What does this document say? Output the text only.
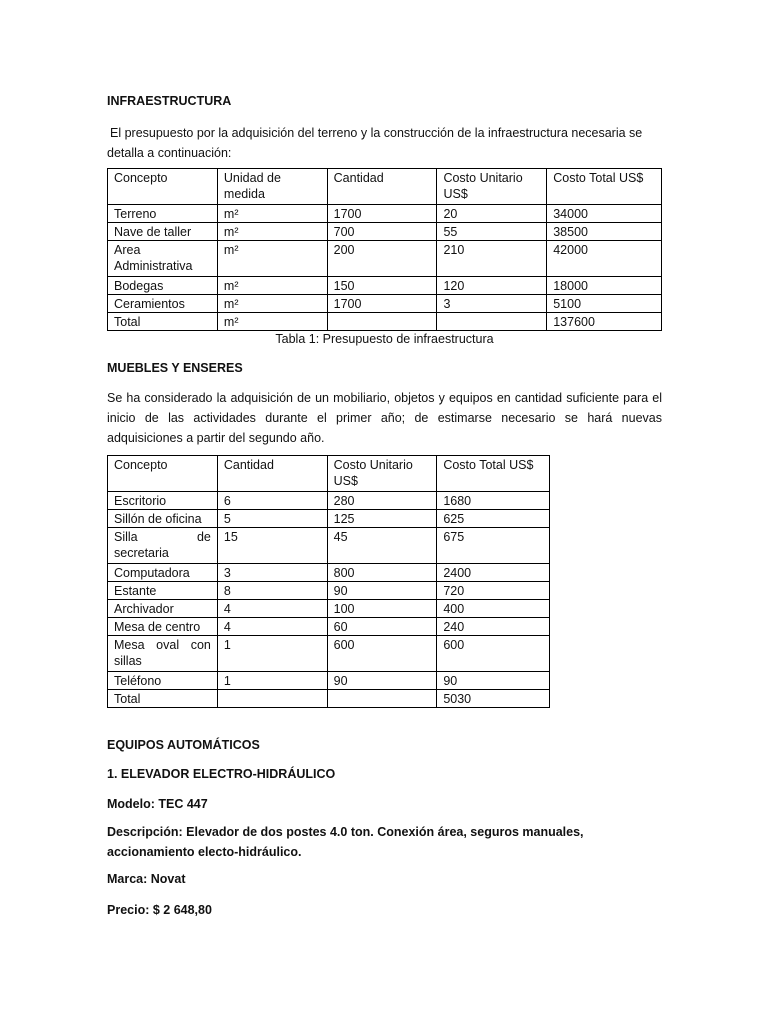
INFRAESTRUCTURA
El presupuesto por la adquisición del terreno y la construcción de la infraestructura necesaria se detalla a continuación:
Concepto	Unidad de medida	Cantidad	Costo Unitario US$	Costo Total US$
Terreno	m²	1700	20	34000
Nave de taller	m²	700	55	38500
Area Administrativa	m²	200	210	42000
Bodegas	m²	150	120	18000
Ceramientos	m²	1700	3	5100
Total	m²			137600
Tabla 1: Presupuesto de infraestructura
MUEBLES Y ENSERES
Se ha considerado la adquisición de un mobiliario, objetos y equipos en cantidad suficiente para el inicio de las actividades durante el primer año; de estimarse necesario se hará nuevas adquisiciones a partir del segundo año.
Concepto	Cantidad	Costo Unitario US$	Costo Total US$
Escritorio	6	280	1680
Sillón de oficina	5	125	625
Silla de secretaria	15	45	675
Computadora	3	800	2400
Estante	8	90	720
Archivador	4	100	400
Mesa de centro	4	60	240
Mesa oval con sillas	1	600	600
Teléfono	1	90	90
Total			5030
EQUIPOS AUTOMÁTICOS
1. ELEVADOR ELECTRO-HIDRÁULICO
Modelo: TEC 447
Descripción: Elevador de dos postes 4.0 ton. Conexión área, seguros manuales, accionamiento electo-hidráulico.
Marca: Novat
Precio: $ 2 648,80
